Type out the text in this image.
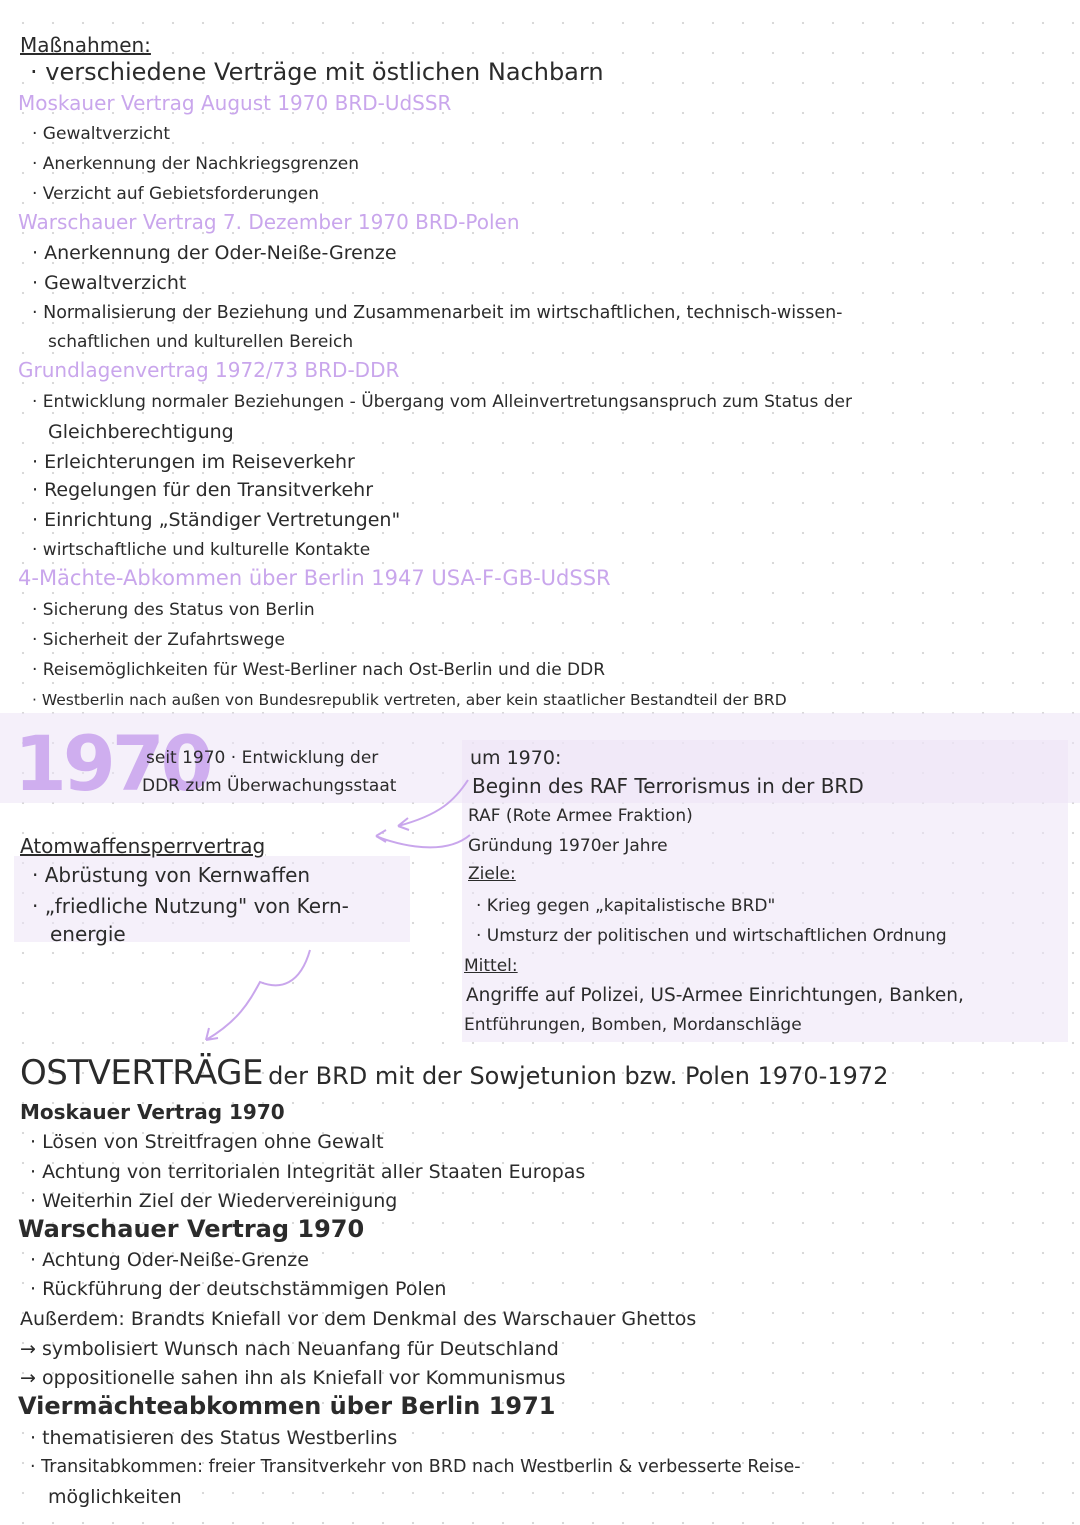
Maßnahmen:
· verschiedene Verträge mit östlichen Nachbarn
Moskauer Vertrag August 1970 BRD-UdSSR
· Gewaltverzicht
· Anerkennung der Nachkriegsgrenzen
· Verzicht auf Gebietsforderungen
Warschauer Vertrag 7. Dezember 1970 BRD-Polen
· Anerkennung der Oder-Neiße-Grenze
· Gewaltverzicht
· Normalisierung der Beziehung und Zusammenarbeit im wirtschaftlichen, technisch-wissen-
schaftlichen und kulturellen Bereich
Grundlagenvertrag 1972/73 BRD-DDR
· Entwicklung normaler Beziehungen - Übergang vom Alleinvertretungsanspruch zum Status der
Gleichberechtigung
· Erleichterungen im Reiseverkehr
· Regelungen für den Transitverkehr
· Einrichtung „Ständiger Vertretungen"
· wirtschaftliche und kulturelle Kontakte
4-Mächte-Abkommen über Berlin 1947 USA-F-GB-UdSSR
· Sicherung des Status von Berlin
· Sicherheit der Zufahrtswege
· Reisemöglichkeiten für West-Berliner nach Ost-Berlin und die DDR
· Westberlin nach außen von Bundesrepublik vertreten, aber kein staatlicher Bestandteil der BRD
1970
seit 1970 · Entwicklung der
DDR zum Überwachungsstaat
Atomwaffensperrvertrag
· Abrüstung von Kernwaffen
· „friedliche Nutzung" von Kern-
energie
um 1970:
Beginn des RAF Terrorismus in der BRD
RAF (Rote Armee Fraktion)
Gründung 1970er Jahre
Ziele:
· Krieg gegen „kapitalistische BRD"
· Umsturz der politischen und wirtschaftlichen Ordnung
Mittel:
Angriffe auf Polizei, US-Armee Einrichtungen, Banken,
Entführungen, Bomben, Mordanschläge
OSTVERTRÄGE der BRD mit der Sowjetunion bzw. Polen 1970-1972
Moskauer Vertrag 1970
· Lösen von Streitfragen ohne Gewalt
· Achtung von territorialen Integrität aller Staaten Europas
· Weiterhin Ziel der Wiedervereinigung
Warschauer Vertrag 1970
· Achtung Oder-Neiße-Grenze
· Rückführung der deutschstämmigen Polen
Außerdem: Brandts Kniefall vor dem Denkmal des Warschauer Ghettos
→ symbolisiert Wunsch nach Neuanfang für Deutschland
→ oppositionelle sahen ihn als Kniefall vor Kommunismus
Viermächteabkommen über Berlin 1971
· thematisieren des Status Westberlins
· Transitabkommen: freier Transitverkehr von BRD nach Westberlin & verbesserte Reise-
möglichkeiten
